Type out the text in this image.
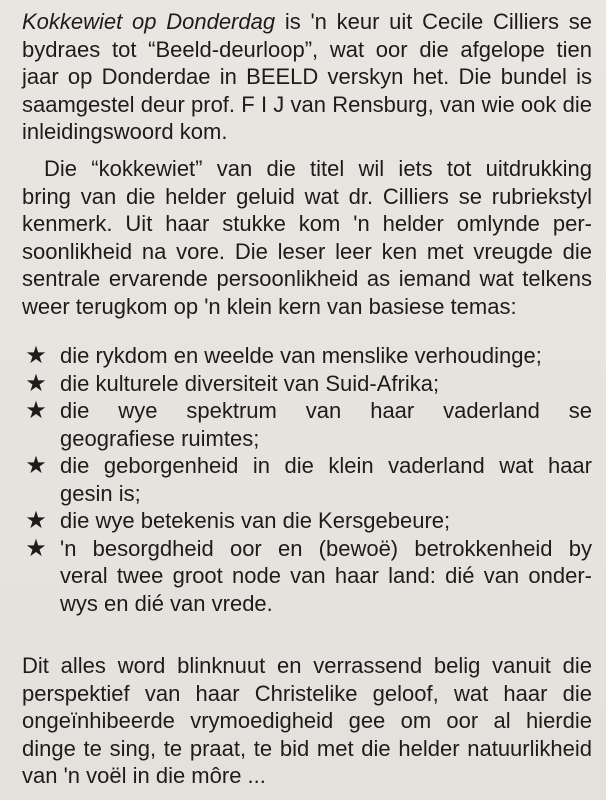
Kokkewiet op Donderdag is 'n keur uit Cecile Cilliers se
bydraes tot “Beeld-deurloop”, wat oor die afgelope tien
jaar op Donderdae in BEELD verskyn het. Die bundel is
saamgestel deur prof. F I J van Rensburg, van wie ook die
inleidingswoord kom.

Die “kokkewiet” van die titel wil iets tot uitdrukking
bring van die helder geluid wat dr. Cilliers se rubriekstyl
kenmerk. Uit haar stukke kom 'n helder omlynde per-
soonlikheid na vore. Die leser leer ken met vreugde die
sentrale ervarende persoonlikheid as iemand wat telkens
weer terugkom op 'n klein kern van basiese temas:

★ die rykdom en weelde van menslike verhoudinge;
★ die kulturele diversiteit van Suid-Afrika;
★ die wye spektrum van haar vaderland se
geografiese ruimtes;
★ die geborgenheid in die klein vaderland wat haar
gesin is;
★ die wye betekenis van die Kersgebeure;
★ 'n besorgdheid oor en (bewoë) betrokkenheid by
veral twee groot node van haar land: dié van onder-
wys en dié van vrede.

Dit alles word blinknuut en verrassend belig vanuit die
perspektief van haar Christelike geloof, wat haar die
ongeïnhibeerde vrymoedigheid gee om oor al hierdie
dinge te sing, te praat, te bid met die helder natuurlikheid
van 'n voël in die môre ...
